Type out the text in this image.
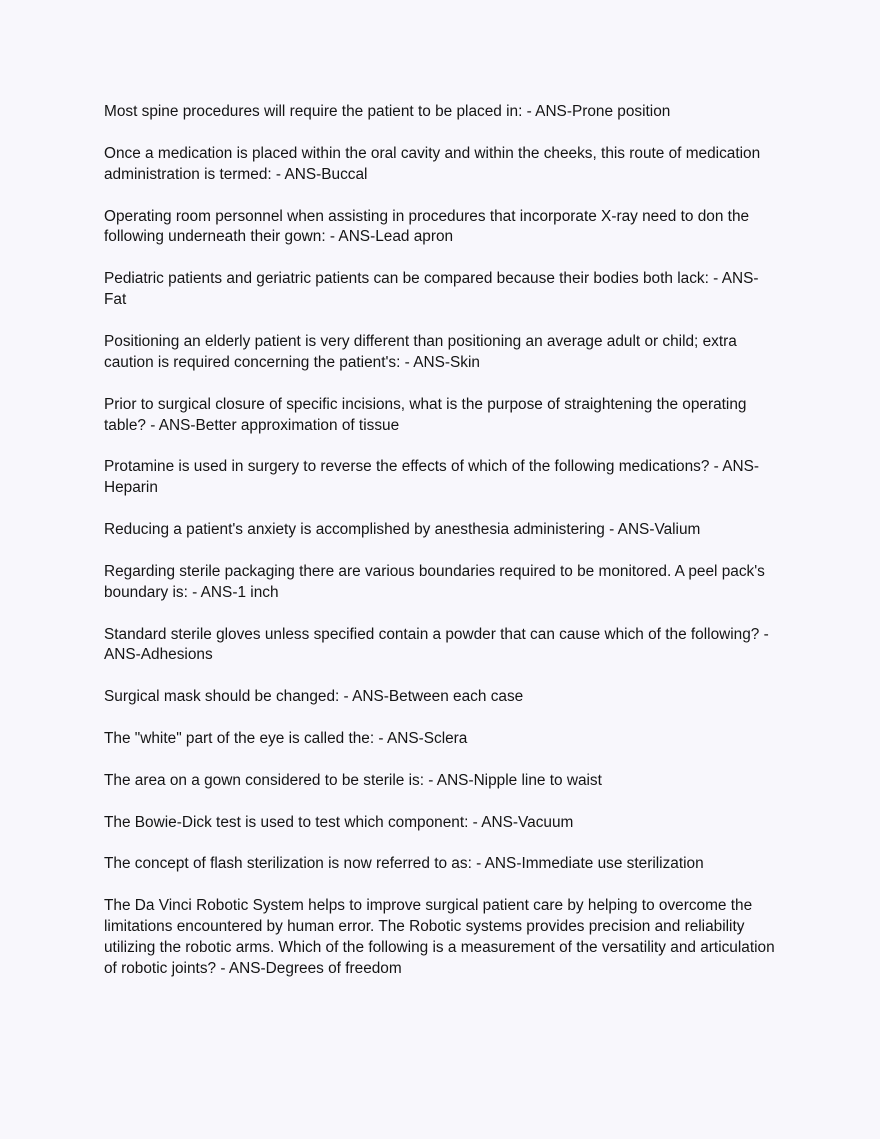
Most spine procedures will require the patient to be placed in: - ANS-Prone position

Once a medication is placed within the oral cavity and within the cheeks, this route of medication administration is termed: - ANS-Buccal

Operating room personnel when assisting in procedures that incorporate X-ray need to don the following underneath their gown: - ANS-Lead apron

Pediatric patients and geriatric patients can be compared because their bodies both lack: - ANS-Fat

Positioning an elderly patient is very different than positioning an average adult or child; extra caution is required concerning the patient's: - ANS-Skin

Prior to surgical closure of specific incisions, what is the purpose of straightening the operating table? - ANS-Better approximation of tissue

Protamine is used in surgery to reverse the effects of which of the following medications? - ANS-Heparin

Reducing a patient's anxiety is accomplished by anesthesia administering - ANS-Valium

Regarding sterile packaging there are various boundaries required to be monitored. A peel pack's boundary is: - ANS-1 inch

Standard sterile gloves unless specified contain a powder that can cause which of the following? - ANS-Adhesions

Surgical mask should be changed: - ANS-Between each case

The "white" part of the eye is called the: - ANS-Sclera

The area on a gown considered to be sterile is: - ANS-Nipple line to waist

The Bowie-Dick test is used to test which component: - ANS-Vacuum

The concept of flash sterilization is now referred to as: - ANS-Immediate use sterilization

The Da Vinci Robotic System helps to improve surgical patient care by helping to overcome the limitations encountered by human error. The Robotic systems provides precision and reliability utilizing the robotic arms. Which of the following is a measurement of the versatility and articulation of robotic joints? - ANS-Degrees of freedom
